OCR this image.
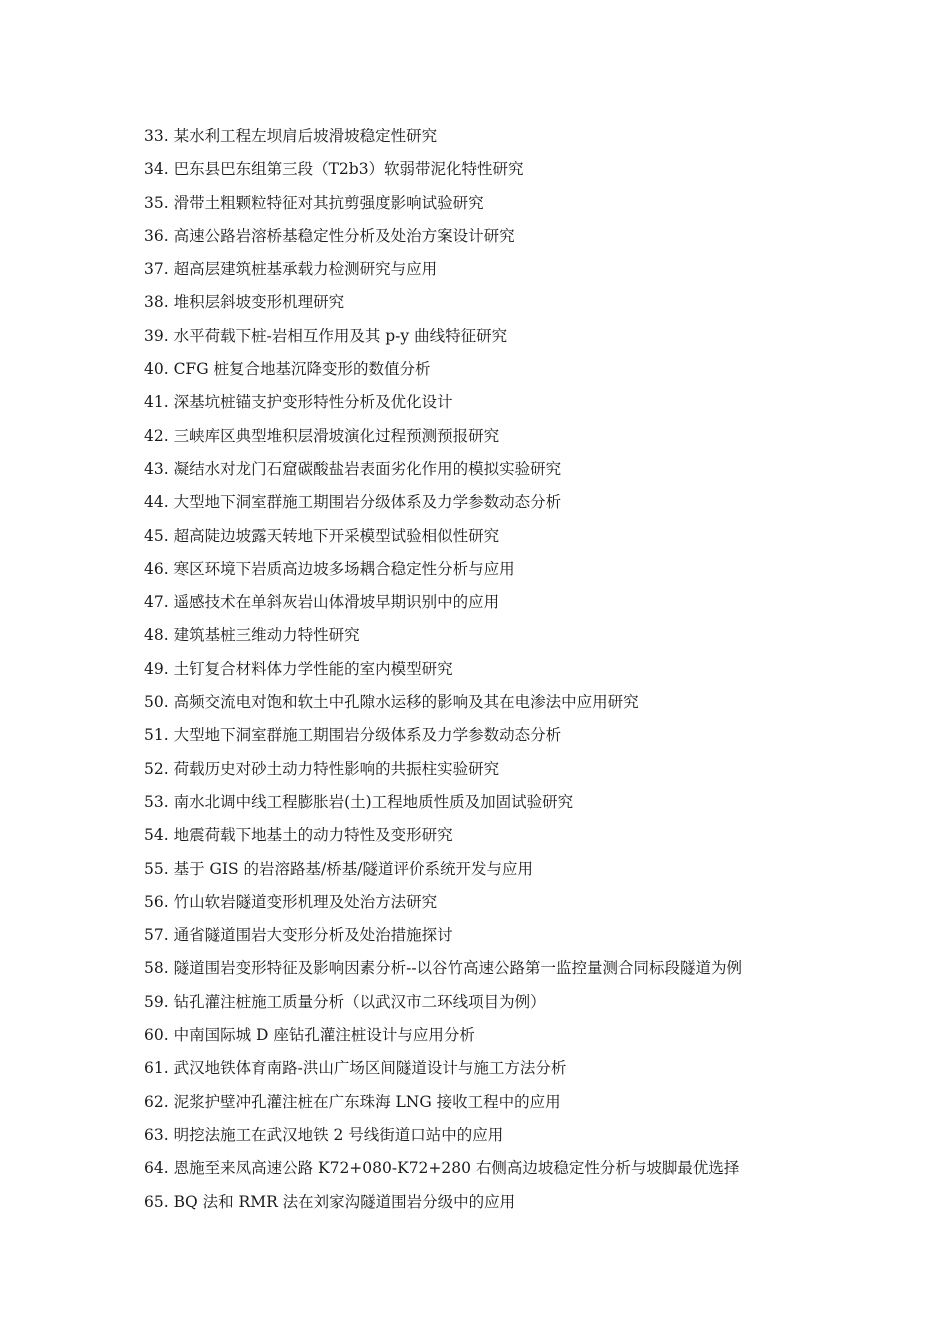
33. 某水利工程左坝肩后坡滑坡稳定性研究
34. 巴东县巴东组第三段（T2b3）软弱带泥化特性研究
35. 滑带土粗颗粒特征对其抗剪强度影响试验研究
36. 高速公路岩溶桥基稳定性分析及处治方案设计研究
37. 超高层建筑桩基承载力检测研究与应用
38. 堆积层斜坡变形机理研究
39. 水平荷载下桩-岩相互作用及其 p-y 曲线特征研究
40. CFG 桩复合地基沉降变形的数值分析
41. 深基坑桩锚支护变形特性分析及优化设计
42. 三峡库区典型堆积层滑坡演化过程预测预报研究
43. 凝结水对龙门石窟碳酸盐岩表面劣化作用的模拟实验研究
44. 大型地下洞室群施工期围岩分级体系及力学参数动态分析
45. 超高陡边坡露天转地下开采模型试验相似性研究
46. 寒区环境下岩质高边坡多场耦合稳定性分析与应用
47. 遥感技术在单斜灰岩山体滑坡早期识别中的应用
48. 建筑基桩三维动力特性研究
49. 土钉复合材料体力学性能的室内模型研究
50. 高频交流电对饱和软土中孔隙水运移的影响及其在电渗法中应用研究
51. 大型地下洞室群施工期围岩分级体系及力学参数动态分析
52. 荷载历史对砂土动力特性影响的共振柱实验研究
53. 南水北调中线工程膨胀岩(土)工程地质性质及加固试验研究
54. 地震荷载下地基土的动力特性及变形研究
55. 基于 GIS 的岩溶路基/桥基/隧道评价系统开发与应用
56. 竹山软岩隧道变形机理及处治方法研究
57. 通省隧道围岩大变形分析及处治措施探讨
58. 隧道围岩变形特征及影响因素分析--以谷竹高速公路第一监控量测合同标段隧道为例
59. 钻孔灌注桩施工质量分析（以武汉市二环线项目为例）
60. 中南国际城 D 座钻孔灌注桩设计与应用分析
61. 武汉地铁体育南路-洪山广场区间隧道设计与施工方法分析
62. 泥浆护壁冲孔灌注桩在广东珠海 LNG 接收工程中的应用
63. 明挖法施工在武汉地铁 2 号线街道口站中的应用
64. 恩施至来凤高速公路 K72+080-K72+280 右侧高边坡稳定性分析与坡脚最优选择
65. BQ 法和 RMR 法在刘家沟隧道围岩分级中的应用
